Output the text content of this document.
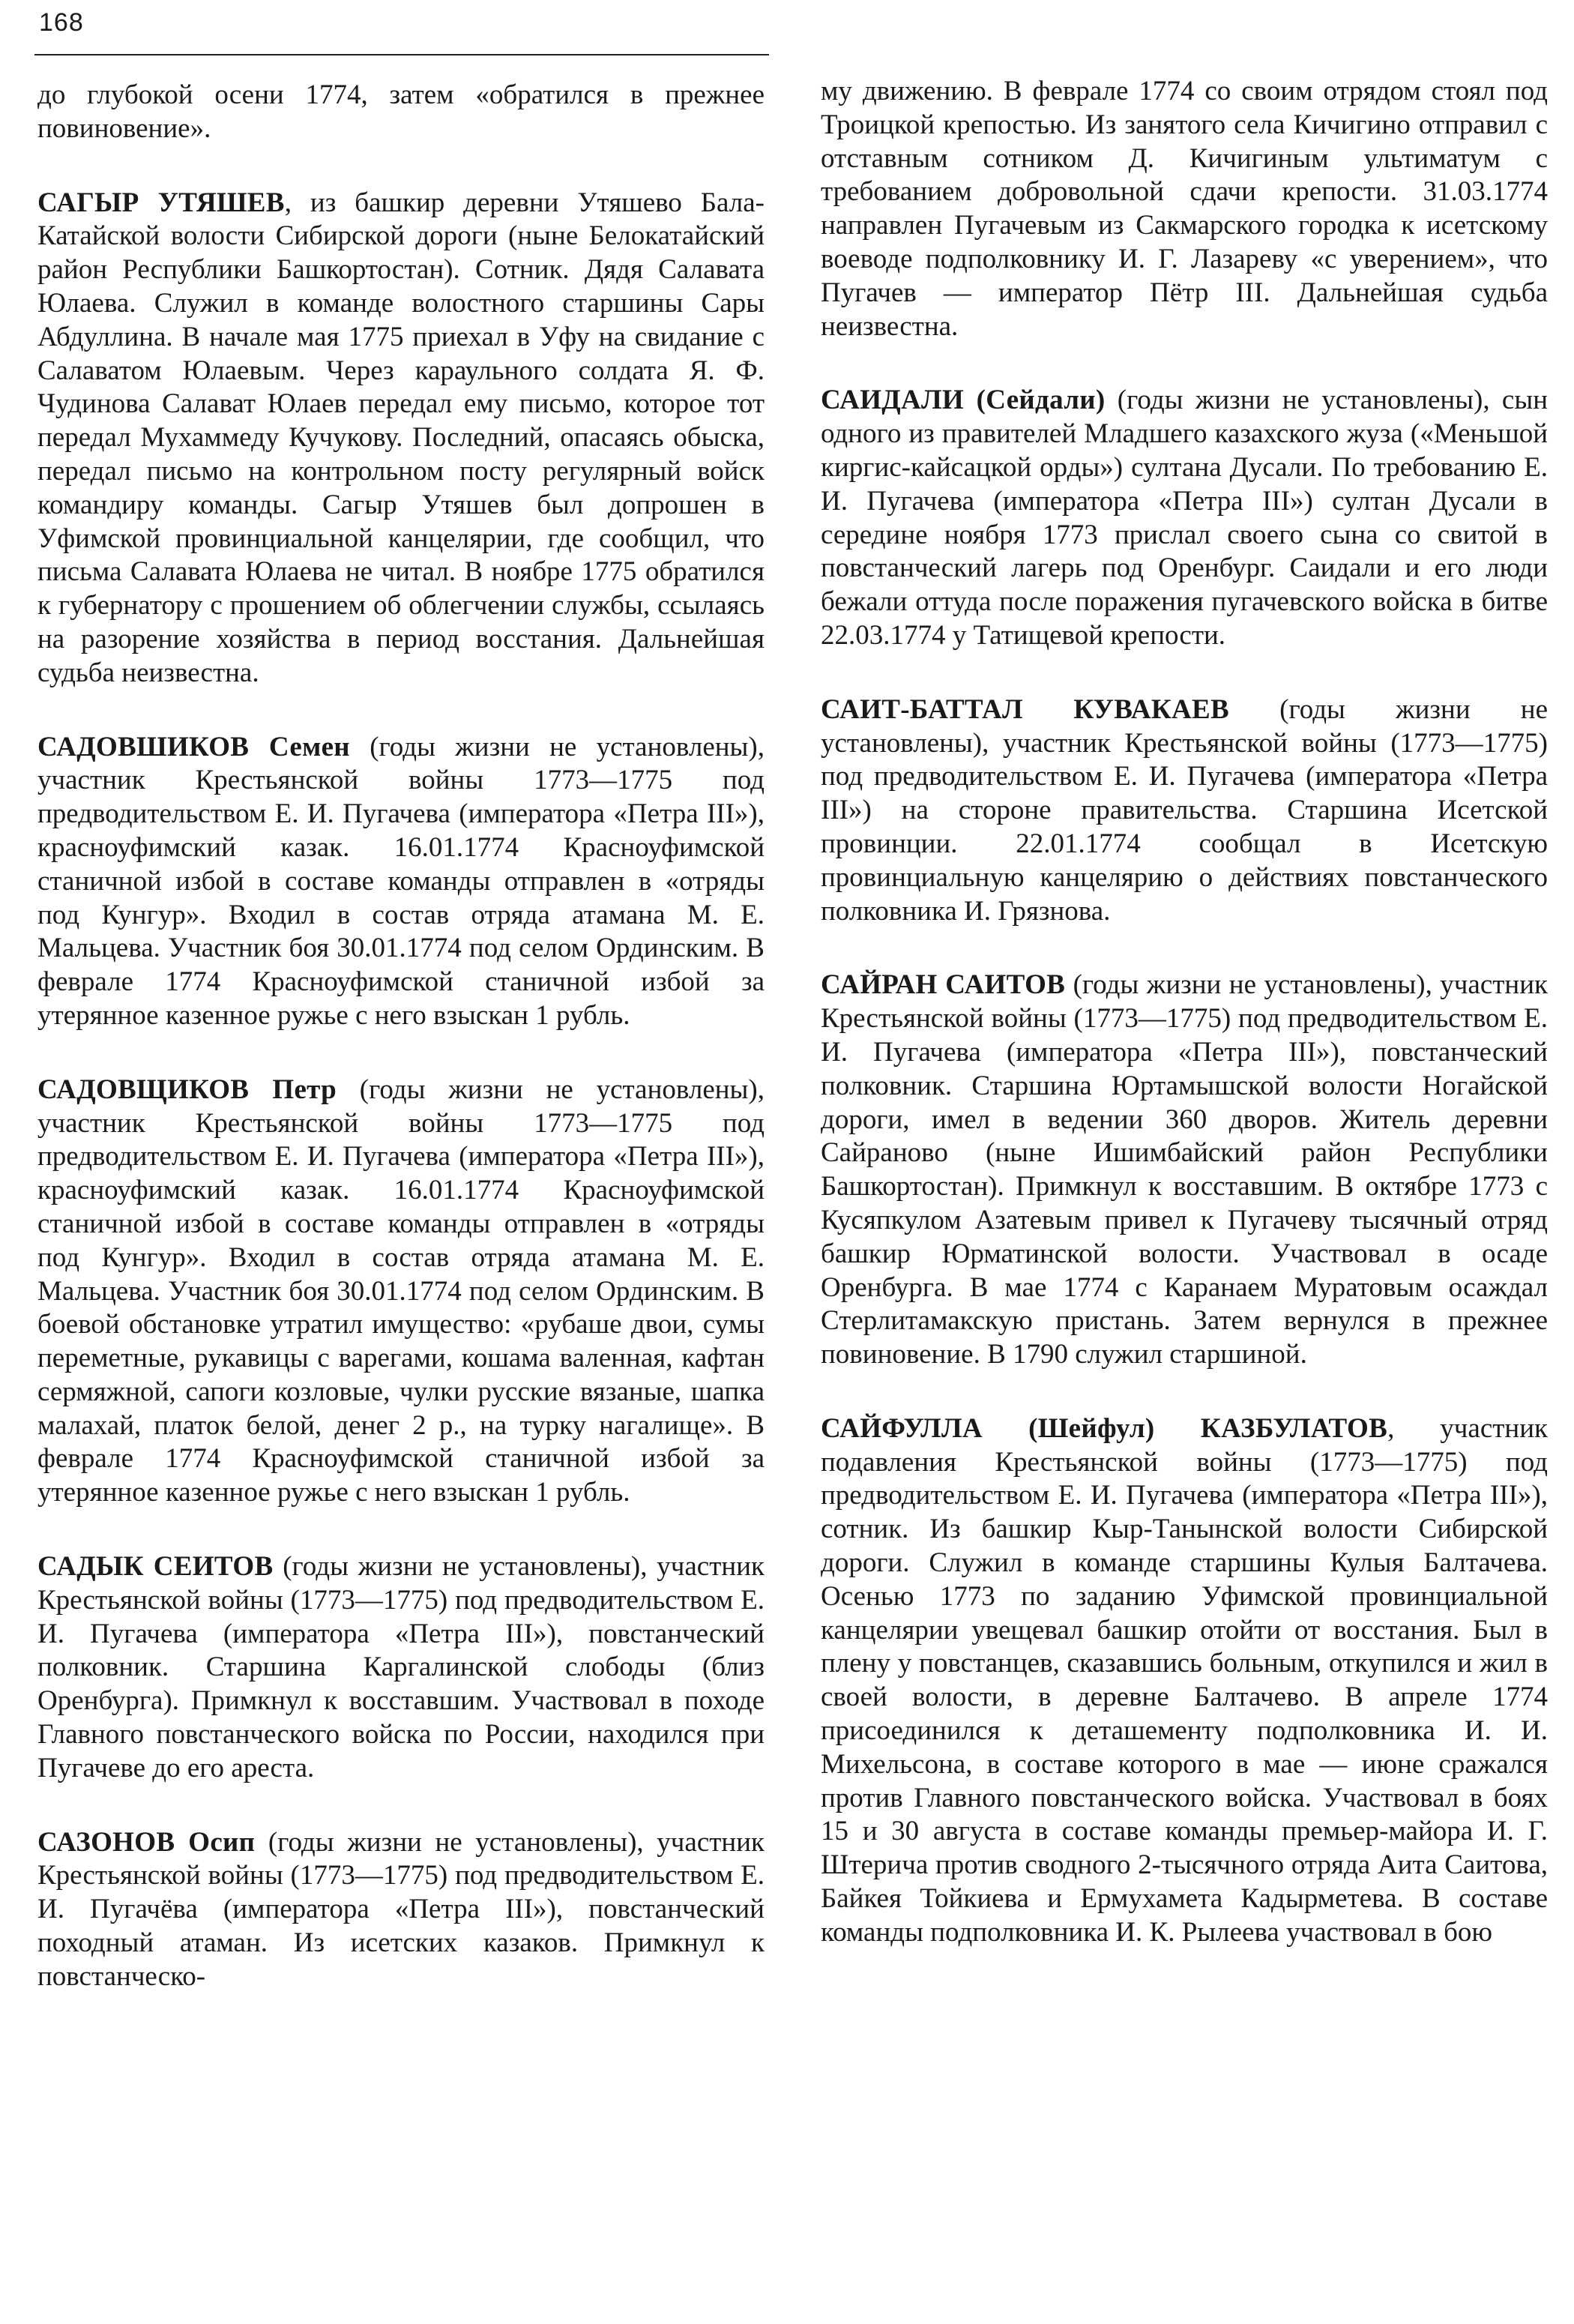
168

до глубокой осени 1774, затем «обратился в прежнее повиновение».

САГЫР УТЯШЕВ, из башкир деревни Утяшево Бала-Катайской волости Сибирской дороги (ныне Белокатайский район Республики Башкортостан). Сотник. Дядя Салавата Юлаева. Служил в команде волостного старшины Сары Абдуллина. В начале мая 1775 приехал в Уфу на свидание с Салаватом Юлаевым. Через караульного солдата Я. Ф. Чудинова Салават Юлаев передал ему письмо, которое тот передал Мухаммеду Кучукову. Последний, опасаясь обыска, передал письмо на контрольном посту регулярный войск командиру команды. Сагыр Утяшев был допрошен в Уфимской провинциальной канцелярии, где сообщил, что письма Салавата Юлаева не читал. В ноябре 1775 обратился к губернатору с прошением об облегчении службы, ссылаясь на разорение хозяйства в период восстания. Дальнейшая судьба неизвестна.

САДОВШИКОВ Семен (годы жизни не установлены), участник Крестьянской войны 1773—1775 под предводительством Е. И. Пугачева (императора «Петра III»), красноуфимский казак. 16.01.1774 Красноуфимской станичной избой в составе команды отправлен в «отряды под Кунгур». Входил в состав отряда атамана М. Е. Мальцева. Участник боя 30.01.1774 под селом Ординским. В феврале 1774 Красноуфимской станичной избой за утерянное казенное ружье с него взыскан 1 рубль.

САДОВЩИКОВ Петр (годы жизни не установлены), участник Крестьянской войны 1773—1775 под предводительством Е. И. Пугачева (императора «Петра III»), красноуфимский казак. 16.01.1774 Красноуфимской станичной избой в составе команды отправлен в «отряды под Кунгур». Входил в состав отряда атамана М. Е. Мальцева. Участник боя 30.01.1774 под селом Ординским. В боевой обстановке утратил имущество: «рубаше двои, сумы переметные, рукавицы с варегами, кошама валенная, кафтан сермяжной, сапоги козловые, чулки русские вязаные, шапка малахай, платок белой, денег 2 р., на турку нагалище». В феврале 1774 Красноуфимской станичной избой за утерянное казенное ружье с него взыскан 1 рубль.

САДЫК СЕИТОВ (годы жизни не установлены), участник Крестьянской войны (1773—1775) под предводительством Е. И. Пугачева (императора «Петра III»), повстанческий полковник. Старшина Каргалинской слободы (близ Оренбурга). Примкнул к восставшим. Участвовал в походе Главного повстанческого войска по России, находился при Пугачеве до его ареста.

САЗОНОВ Осип (годы жизни не установлены), участник Крестьянской войны (1773—1775) под предводительством Е. И. Пугачёва (императора «Петра III»), повстанческий походный атаман. Из исетских казаков. Примкнул к повстанческо-

му движению. В феврале 1774 со своим отрядом стоял под Троицкой крепостью. Из занятого села Кичигино отправил с отставным сотником Д. Кичигиным ультиматум с требованием добровольной сдачи крепости. 31.03.1774 направлен Пугачевым из Сакмарского городка к исетскому воеводе подполковнику И. Г. Лазареву «с уверением», что Пугачев — император Пётр III. Дальнейшая судьба неизвестна.

САИДАЛИ (Сейдали) (годы жизни не установлены), сын одного из правителей Младшего казахского жуза («Меньшой киргис-кайсацкой орды») султана Дусали. По требованию Е. И. Пугачева (императора «Петра III») султан Дусали в середине ноября 1773 прислал своего сына со свитой в повстанческий лагерь под Оренбург. Саидали и его люди бежали оттуда после поражения пугачевского войска в битве 22.03.1774 у Татищевой крепости.

САИТ-БАТТАЛ КУВАКАЕВ (годы жизни не установлены), участник Крестьянской войны (1773—1775) под предводительством Е. И. Пугачева (императора «Петра III») на стороне правительства. Старшина Исетской провинции. 22.01.1774 сообщал в Исетскую провинциальную канцелярию о действиях повстанческого полковника И. Грязнова.

САЙРАН САИТОВ (годы жизни не установлены), участник Крестьянской войны (1773—1775) под предводительством Е. И. Пугачева (императора «Петра III»), повстанческий полковник. Старшина Юртамышской волости Ногайской дороги, имел в ведении 360 дворов. Житель деревни Сайраново (ныне Ишимбайский район Республики Башкортостан). Примкнул к восставшим. В октябре 1773 с Кусяпкулом Азатевым привел к Пугачеву тысячный отряд башкир Юрматинской волости. Участвовал в осаде Оренбурга. В мае 1774 с Каранаем Муратовым осаждал Стерлитамакскую пристань. Затем вернулся в прежнее повиновение. В 1790 служил старшиной.

САЙФУЛЛА (Шейфул) КАЗБУЛАТОВ, участник подавления Крестьянской войны (1773—1775) под предводительством Е. И. Пугачева (императора «Петра III»), сотник. Из башкир Кыр-Танынской волости Сибирской дороги. Служил в команде старшины Кулыя Балтачева. Осенью 1773 по заданию Уфимской провинциальной канцелярии увещевал башкир отойти от восстания. Был в плену у повстанцев, сказавшись больным, откупился и жил в своей волости, в деревне Балтачево. В апреле 1774 присоединился к деташементу подполковника И. И. Михельсона, в составе которого в мае — июне сражался против Главного повстанческого войска. Участвовал в боях 15 и 30 августа в составе команды премьер-майора И. Г. Штерича против сводного 2-тысячного отряда Аита Саитова, Байкея Тойкиева и Ермухамета Кадырметева. В составе команды подполковника И. К. Рылеева участвовал в бою
